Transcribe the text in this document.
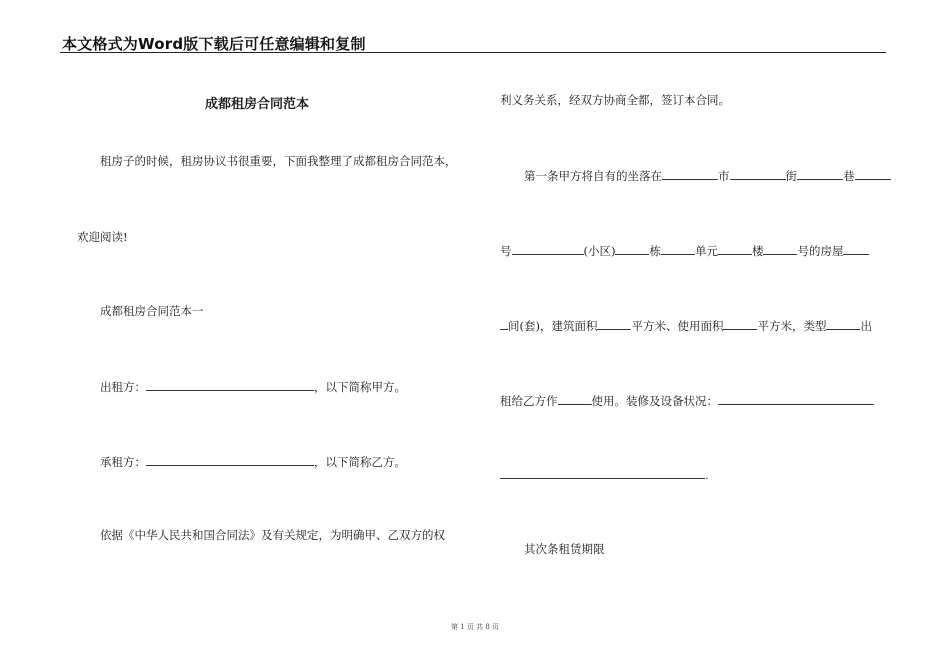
本文格式为Word版下载后可任意编辑和复制
成都租房合同范本
租房子的时候，租房协议书很重要，下面我整理了成都租房合同范本，
欢迎阅读!
成都租房合同范本一
出租方：	，以下简称甲方。
承租方：	，以下简称乙方。
依据《中华人民共和国合同法》及有关规定，为明确甲、乙双方的权
利义务关系，经双方协商全都，签订本合同。
第一条甲方将自有的坐落在	市	街	巷
号	(小区)	栋	单元	楼	号的房屋
间(套)，建筑面积	平方米、使用面积	平方米，类型	出
租给乙方作	使用。装修及设备状况：
.
其次条租赁期限
第 1 页 共 8 页
